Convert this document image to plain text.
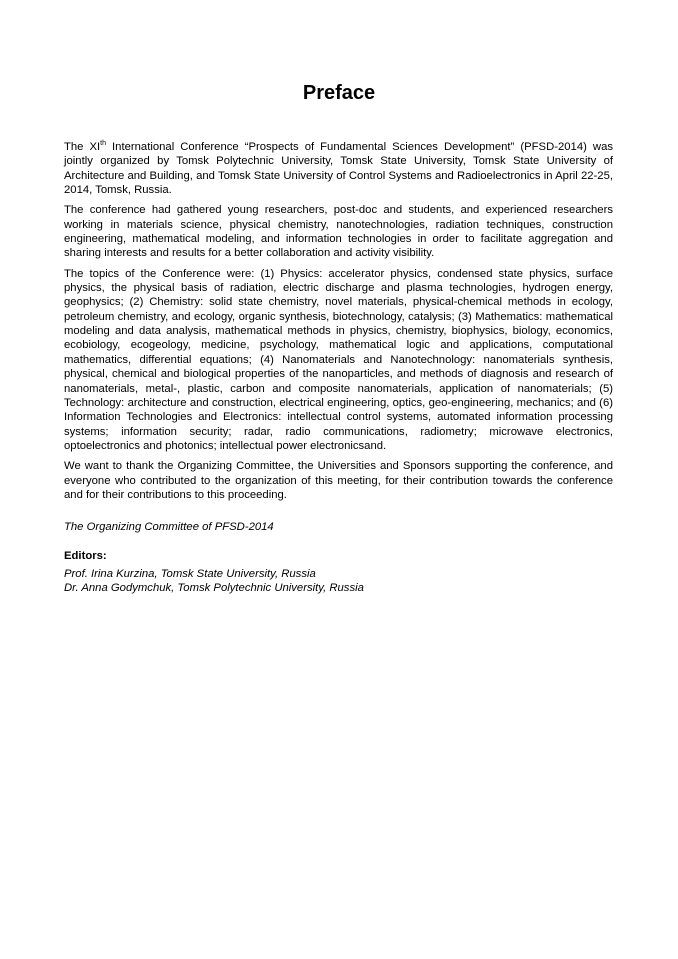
Preface

The XIth International Conference “Prospects of Fundamental Sciences Development” (PFSD-2014) was jointly organized by Tomsk Polytechnic University, Tomsk State University, Tomsk State University of Architecture and Building, and Tomsk State University of Control Systems and Radioelectronics in April 22-25, 2014, Tomsk, Russia.

The conference had gathered young researchers, post-doc and students, and experienced researchers working in materials science, physical chemistry, nanotechnologies, radiation techniques, construction engineering, mathematical modeling, and information technologies in order to facilitate aggregation and sharing interests and results for a better collaboration and activity visibility.

The topics of the Conference were: (1) Physics: accelerator physics, condensed state physics, surface physics, the physical basis of radiation, electric discharge and plasma technologies, hydrogen energy, geophysics; (2) Chemistry: solid state chemistry, novel materials, physical-chemical methods in ecology, petroleum chemistry, and ecology, organic synthesis, biotechnology, catalysis; (3) Mathematics: mathematical modeling and data analysis, mathematical methods in physics, chemistry, biophysics, biology, economics, ecobiology, ecogeology, medicine, psychology, mathematical logic and applications, computational mathematics, differential equations; (4) Nanomaterials and Nanotechnology: nanomaterials synthesis, physical, chemical and biological properties of the nanoparticles, and methods of diagnosis and research of nanomaterials, metal-, plastic, carbon and composite nanomaterials, application of nanomaterials; (5) Technology: architecture and construction, electrical engineering, optics, geo-engineering, mechanics; and (6) Information Technologies and Electronics: intellectual control systems, automated information processing systems; information security; radar, radio communications, radiometry; microwave electronics, optoelectronics and photonics; intellectual power electronicsand.

We want to thank the Organizing Committee, the Universities and Sponsors supporting the conference, and everyone who contributed to the organization of this meeting, for their contribution towards the conference and for their contributions to this proceeding.

The Organizing Committee of PFSD-2014

Editors:

Prof. Irina Kurzina, Tomsk State University, Russia

Dr. Anna Godymchuk, Tomsk Polytechnic University, Russia
